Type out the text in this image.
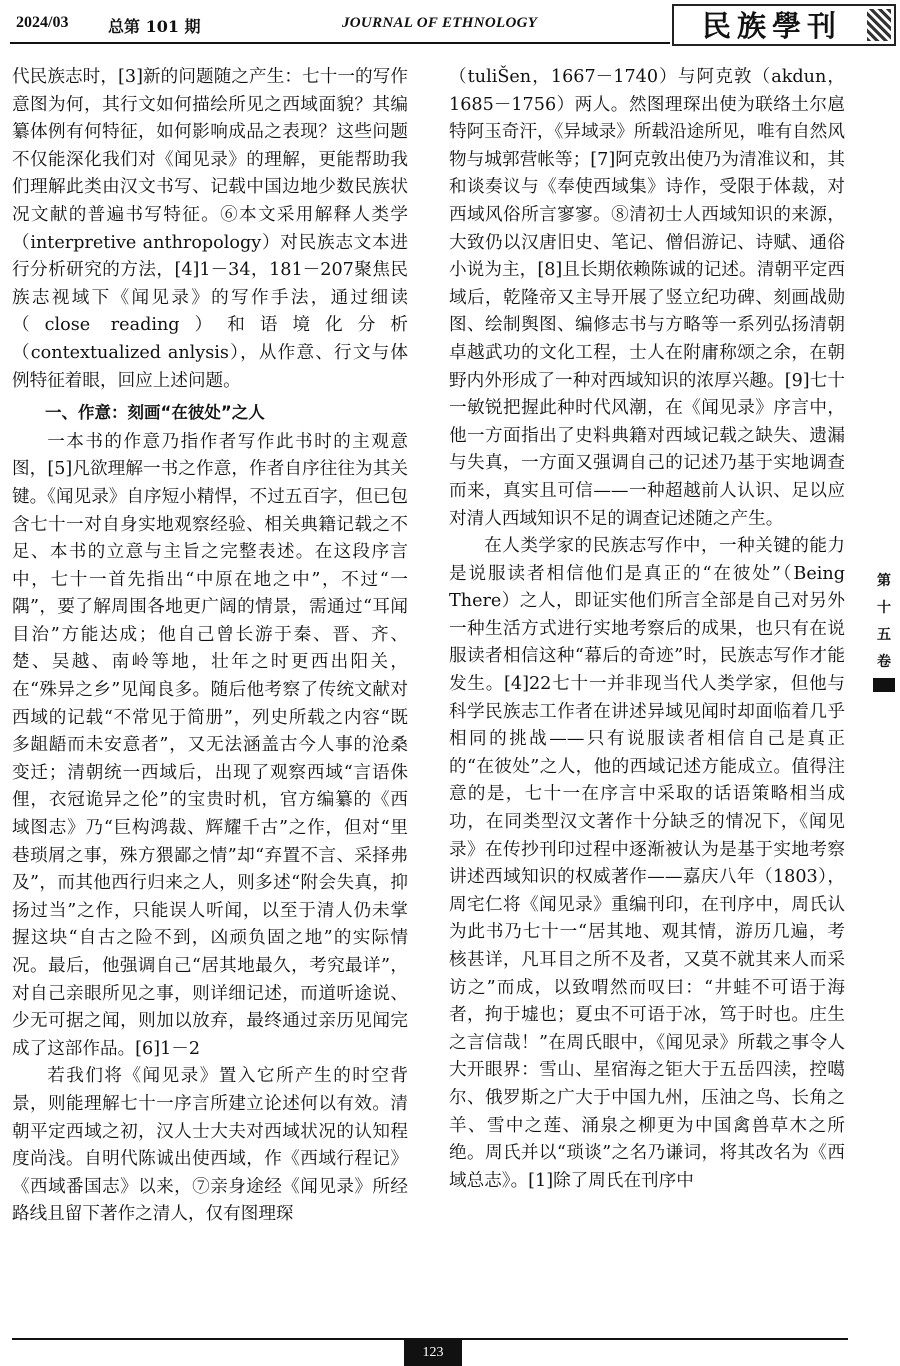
2024/03 总第 101 期	JOURNAL OF ETHNOLOGY	民族學刊

代民族志时，[3]新的问题随之产生：七十一的写作意图为何，其行文如何描绘所见之西域面貌？其编纂体例有何特征，如何影响成品之表现？这些问题不仅能深化我们对《闻见录》的理解，更能帮助我们理解此类由汉文书写、记载中国边地少数民族状况文献的普遍书写特征。⑥本文采用解释人类学（interpretive anthropology）对民族志文本进行分析研究的方法，[4]1－34，181－207聚焦民族志视域下《闻见录》的写作手法，通过细读（close reading）和语境化分析（contextualized anlysis），从作意、行文与体例特征着眼，回应上述问题。

一、作意：刻画“在彼处”之人

一本书的作意乃指作者写作此书时的主观意图，[5]凡欲理解一书之作意，作者自序往往为其关键。《闻见录》自序短小精悍，不过五百字，但已包含七十一对自身实地观察经验、相关典籍记载之不足、本书的立意与主旨之完整表述。在这段序言中，七十一首先指出“中原在地之中”，不过“一隅”，要了解周围各地更广阔的情景，需通过“耳闻目治”方能达成；他自己曾长游于秦、晋、齐、楚、吴越、南岭等地，壮年之时更西出阳关，在“殊异之乡”见闻良多。随后他考察了传统文献对西域的记载“不常见于简册”，列史所载之内容“既多龃龉而未安意者”，又无法涵盖古今人事的沧桑变迁；清朝统一西域后，出现了观察西域“言语侏俚，衣冠诡异之伦”的宝贵时机，官方编纂的《西域图志》乃“巨构鸿裁、辉耀千古”之作，但对“里巷琐屑之事，殊方猥鄙之情”却“弃置不言、采择弗及”，而其他西行归来之人，则多述“附会失真，抑扬过当”之作，只能误人听闻，以至于清人仍未掌握这块“自古之险不到，凶顽负固之地”的实际情况。最后，他强调自己“居其地最久，考究最详”，对自己亲眼所见之事，则详细记述，而道听途说、少无可据之闻，则加以放弃，最终通过亲历见闻完成了这部作品。[6]1－2

若我们将《闻见录》置入它所产生的时空背景，则能理解七十一序言所建立论述何以有效。清朝平定西域之初，汉人士大夫对西域状况的认知程度尚浅。自明代陈诚出使西域，作《西域行程记》《西域番国志》以来，⑦亲身途经《闻见录》所经路线且留下著作之清人，仅有图理琛

（tuliŠen，1667－1740）与阿克敦（akdun，1685－1756）两人。然图理琛出使为联络土尔扈特阿玉奇汗，《异域录》所载沿途所见，唯有自然风物与城郭营帐等；[7]阿克敦出使乃为清准议和，其和谈奏议与《奉使西域集》诗作，受限于体裁，对西域风俗所言寥寥。⑧清初士人西域知识的来源，大致仍以汉唐旧史、笔记、僧侣游记、诗赋、通俗小说为主，[8]且长期依赖陈诚的记述。清朝平定西域后，乾隆帝又主导开展了竖立纪功碑、刻画战勋图、绘制舆图、编修志书与方略等一系列弘扬清朝卓越武功的文化工程，士人在附庸称颂之余，在朝野内外形成了一种对西域知识的浓厚兴趣。[9]七十一敏锐把握此种时代风潮，在《闻见录》序言中，他一方面指出了史料典籍对西域记载之缺失、遗漏与失真，一方面又强调自己的记述乃基于实地调查而来，真实且可信——一种超越前人认识、足以应对清人西域知识不足的调查记述随之产生。

在人类学家的民族志写作中，一种关键的能力是说服读者相信他们是真正的“在彼处”（Being There）之人，即证实他们所言全部是自己对另外一种生活方式进行实地考察后的成果，也只有在说服读者相信这种“幕后的奇迹”时，民族志写作才能发生。[4]22七十一并非现当代人类学家，但他与科学民族志工作者在讲述异域见闻时却面临着几乎相同的挑战——只有说服读者相信自己是真正的“在彼处”之人，他的西域记述方能成立。值得注意的是，七十一在序言中采取的话语策略相当成功，在同类型汉文著作十分缺乏的情况下，《闻见录》在传抄刊印过程中逐渐被认为是基于实地考察讲述西域知识的权威著作——嘉庆八年（1803），周宅仁将《闻见录》重编刊印，在刊序中，周氏认为此书乃七十一“居其地、观其情，游历几遍，考核甚详，凡耳目之所不及者，又莫不就其来人而采访之”而成，以致喟然而叹曰：“井蛙不可语于海者，拘于墟也；夏虫不可语于冰，笃于时也。庄生之言信哉！”在周氏眼中，《闻见录》所载之事令人大开眼界：雪山、星宿海之钜大于五岳四渎，控噶尔、俄罗斯之广大于中国九州，压油之鸟、长角之羊、雪中之莲、涌泉之柳更为中国禽兽草木之所绝。周氏并以“琐谈”之名乃谦词，将其改名为《西域总志》。[1]除了周氏在刊序中

第
十
五
卷
123
